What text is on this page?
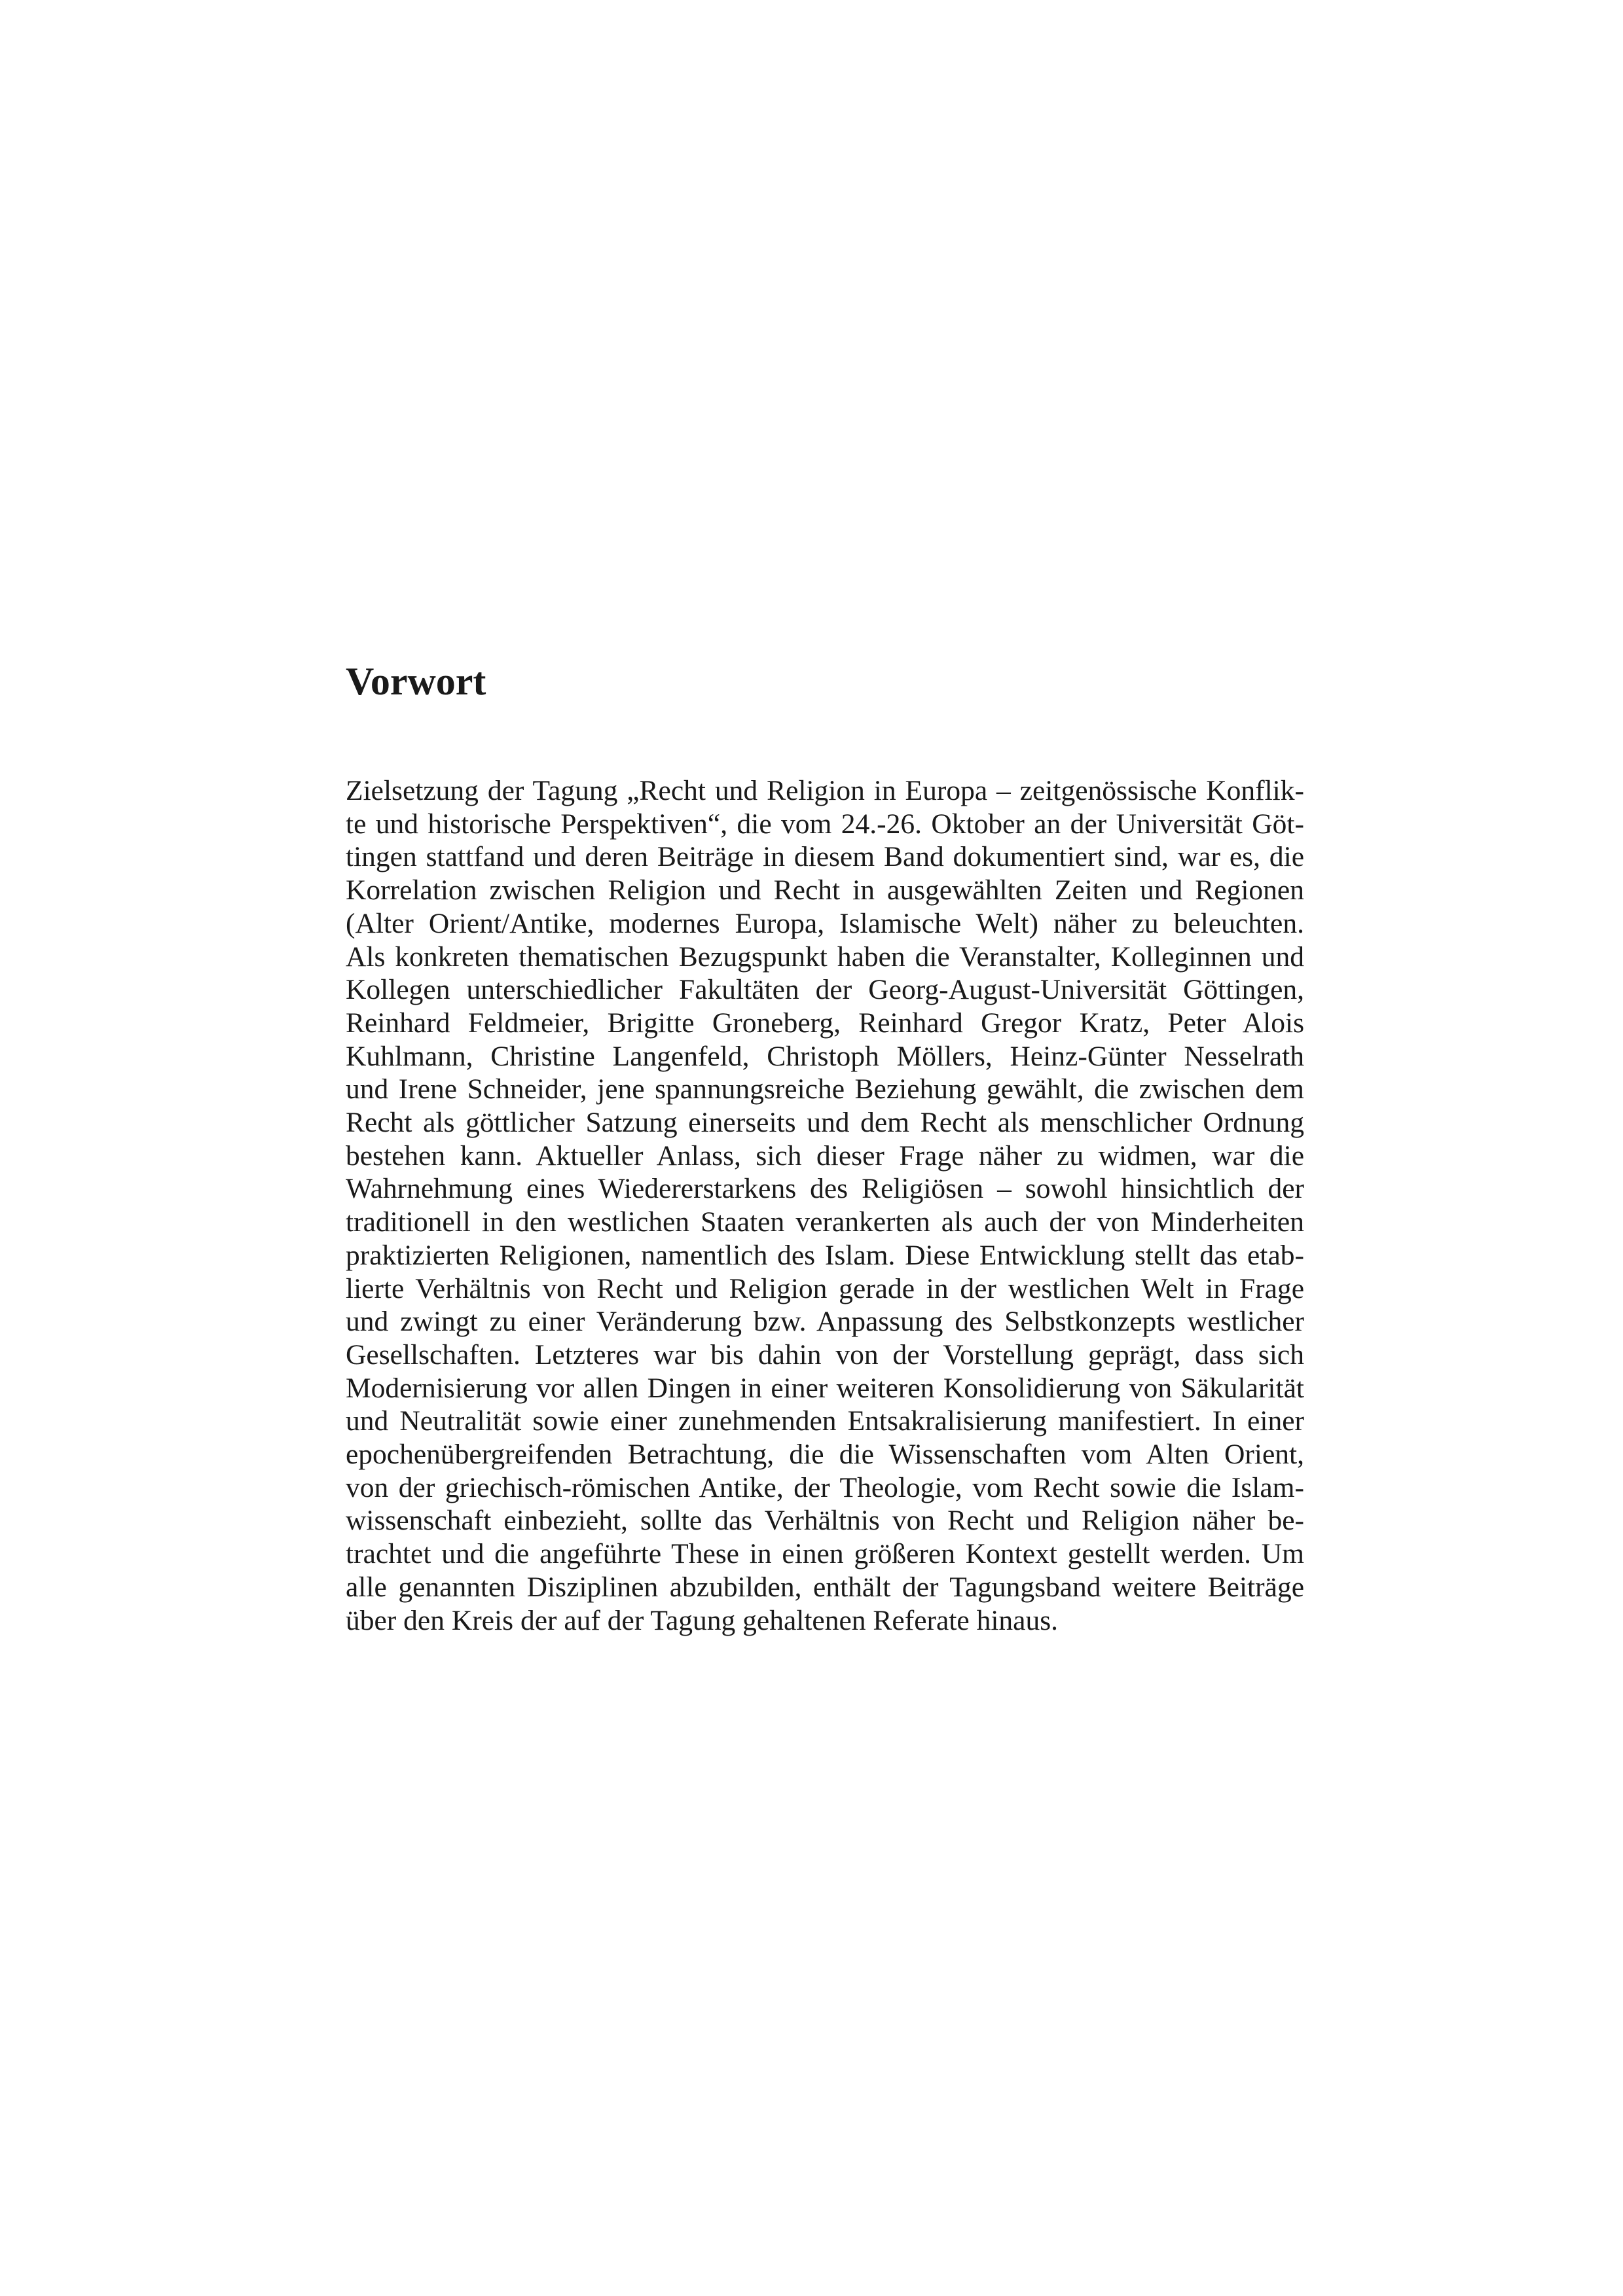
Vorwort
Zielsetzung der Tagung „Recht und Religion in Europa – zeitgenössische Konflik-
te und historische Perspektiven“, die vom 24.-26. Oktober an der Universität Göt-
tingen stattfand und deren Beiträge in diesem Band dokumentiert sind, war es, die
Korrelation zwischen Religion und Recht in ausgewählten Zeiten und Regionen
(Alter Orient/Antike, modernes Europa, Islamische Welt) näher zu beleuchten.
Als konkreten thematischen Bezugspunkt haben die Veranstalter, Kolleginnen und
Kollegen unterschiedlicher Fakultäten der Georg-August-Universität Göttingen,
Reinhard Feldmeier, Brigitte Groneberg, Reinhard Gregor Kratz, Peter Alois
Kuhlmann, Christine Langenfeld, Christoph Möllers, Heinz-Günter Nesselrath
und Irene Schneider, jene spannungsreiche Beziehung gewählt, die zwischen dem
Recht als göttlicher Satzung einerseits und dem Recht als menschlicher Ordnung
bestehen kann. Aktueller Anlass, sich dieser Frage näher zu widmen, war die
Wahrnehmung eines Wiedererstarkens des Religiösen – sowohl hinsichtlich der
traditionell in den westlichen Staaten verankerten als auch der von Minderheiten
praktizierten Religionen, namentlich des Islam. Diese Entwicklung stellt das etab-
lierte Verhältnis von Recht und Religion gerade in der westlichen Welt in Frage
und zwingt zu einer Veränderung bzw. Anpassung des Selbstkonzepts westlicher
Gesellschaften. Letzteres war bis dahin von der Vorstellung geprägt, dass sich
Modernisierung vor allen Dingen in einer weiteren Konsolidierung von Säkularität
und Neutralität sowie einer zunehmenden Entsakralisierung manifestiert. In einer
epochenübergreifenden Betrachtung, die die Wissenschaften vom Alten Orient,
von der griechisch-römischen Antike, der Theologie, vom Recht sowie die Islam-
wissenschaft einbezieht, sollte das Verhältnis von Recht und Religion näher be-
trachtet und die angeführte These in einen größeren Kontext gestellt werden. Um
alle genannten Disziplinen abzubilden, enthält der Tagungsband weitere Beiträge
über den Kreis der auf der Tagung gehaltenen Referate hinaus.
